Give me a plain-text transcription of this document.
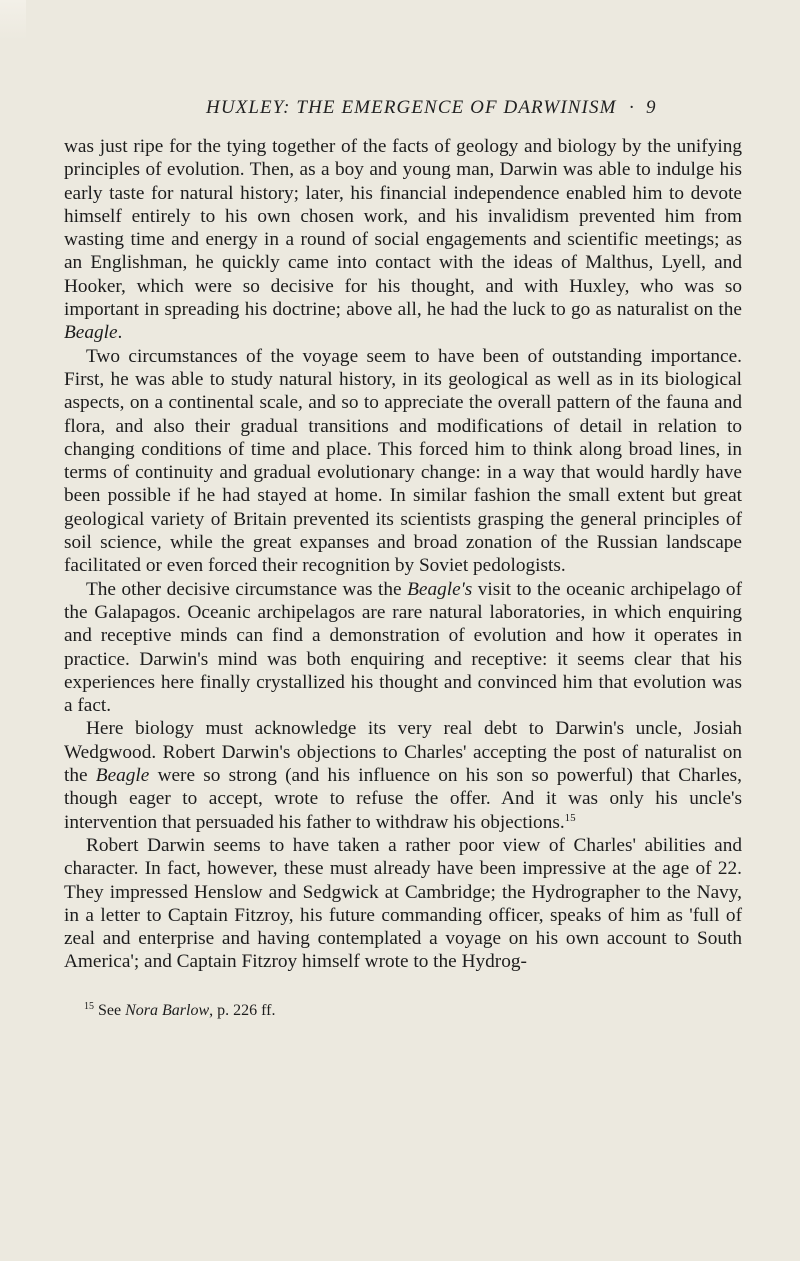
HUXLEY: THE EMERGENCE OF DARWINISM · 9

was just ripe for the tying together of the facts of geology and biology by the unifying principles of evolution. Then, as a boy and young man, Darwin was able to indulge his early taste for natural history; later, his financial independence enabled him to devote himself entirely to his own chosen work, and his invalidism prevented him from wasting time and energy in a round of social engagements and scientific meetings; as an Englishman, he quickly came into contact with the ideas of Malthus, Lyell, and Hooker, which were so decisive for his thought, and with Huxley, who was so important in spreading his doctrine; above all, he had the luck to go as naturalist on the Beagle.

Two circumstances of the voyage seem to have been of outstanding importance. First, he was able to study natural history, in its geological as well as in its biological aspects, on a continental scale, and so to appreciate the overall pattern of the fauna and flora, and also their gradual transitions and modifications of detail in relation to changing conditions of time and place. This forced him to think along broad lines, in terms of continuity and gradual evolutionary change: in a way that would hardly have been possible if he had stayed at home. In similar fashion the small extent but great geological variety of Britain prevented its scientists grasping the general principles of soil science, while the great expanses and broad zonation of the Russian landscape facilitated or even forced their recognition by Soviet pedologists.

The other decisive circumstance was the Beagle's visit to the oceanic archipelago of the Galapagos. Oceanic archipelagos are rare natural laboratories, in which enquiring and receptive minds can find a demonstration of evolution and how it operates in practice. Darwin's mind was both enquiring and receptive: it seems clear that his experiences here finally crystallized his thought and convinced him that evolution was a fact.

Here biology must acknowledge its very real debt to Darwin's uncle, Josiah Wedgwood. Robert Darwin's objections to Charles' accepting the post of naturalist on the Beagle were so strong (and his influence on his son so powerful) that Charles, though eager to accept, wrote to refuse the offer. And it was only his uncle's intervention that persuaded his father to withdraw his objections.$^{15}$

Robert Darwin seems to have taken a rather poor view of Charles' abilities and character. In fact, however, these must already have been impressive at the age of 22. They impressed Henslow and Sedgwick at Cambridge; the Hydrographer to the Navy, in a letter to Captain Fitzroy, his future commanding officer, speaks of him as 'full of zeal and enterprise and having contemplated a voyage on his own account to South America'; and Captain Fitzroy himself wrote to the Hydrog-

$^{15}$ See Nora Barlow, p. 226 ff.
